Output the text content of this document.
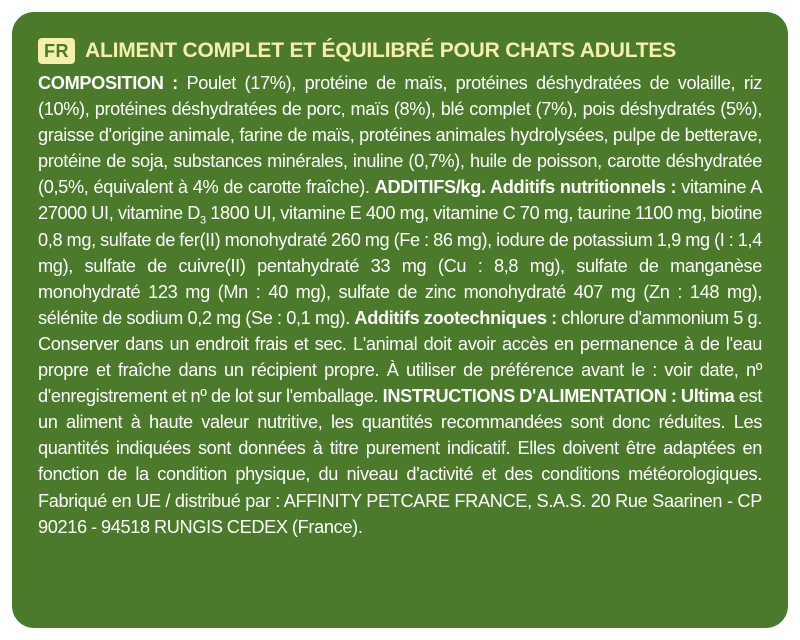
FR ALIMENT COMPLET ET ÉQUILIBRÉ POUR CHATS ADULTES

COMPOSITION : Poulet (17%), protéine de maïs, protéines déshydratées de volaille, riz (10%), protéines déshydratées de porc, maïs (8%), blé complet (7%), pois déshydratés (5%), graisse d'origine animale, farine de maïs, protéines animales hydrolysées, pulpe de betterave, protéine de soja, substances minérales, inuline (0,7%), huile de poisson, carotte déshydratée (0,5%, équivalent à 4% de carotte fraîche). ADDITIFS/kg. Additifs nutritionnels : vitamine A 27000 UI, vitamine $D_3$ 1800 UI, vitamine E 400 mg, vitamine C 70 mg, taurine 1100 mg, biotine 0,8 mg, sulfate de fer(II) monohydraté 260 mg (Fe : 86 mg), iodure de potassium 1,9 mg (I : 1,4 mg), sulfate de cuivre(II) pentahydraté 33 mg (Cu : 8,8 mg), sulfate de manganèse monohydraté 123 mg (Mn : 40 mg), sulfate de zinc monohydraté 407 mg (Zn : 148 mg), sélénite de sodium 0,2 mg (Se : 0,1 mg). Additifs zootechniques : chlorure d'ammonium 5 g. Conserver dans un endroit frais et sec. L'animal doit avoir accès en permanence à de l'eau propre et fraîche dans un récipient propre. À utiliser de préférence avant le : voir date, nº d'enregistrement et nº de lot sur l'emballage. INSTRUCTIONS D'ALIMENTATION : Ultima est un aliment à haute valeur nutritive, les quantités recommandées sont donc réduites. Les quantités indiquées sont données à titre purement indicatif. Elles doivent être adaptées en fonction de la condition physique, du niveau d'activité et des conditions météorologiques. Fabriqué en UE / distribué par : AFFINITY PETCARE FRANCE, S.A.S. 20 Rue Saarinen - CP 90216 - 94518 RUNGIS CEDEX (France).
